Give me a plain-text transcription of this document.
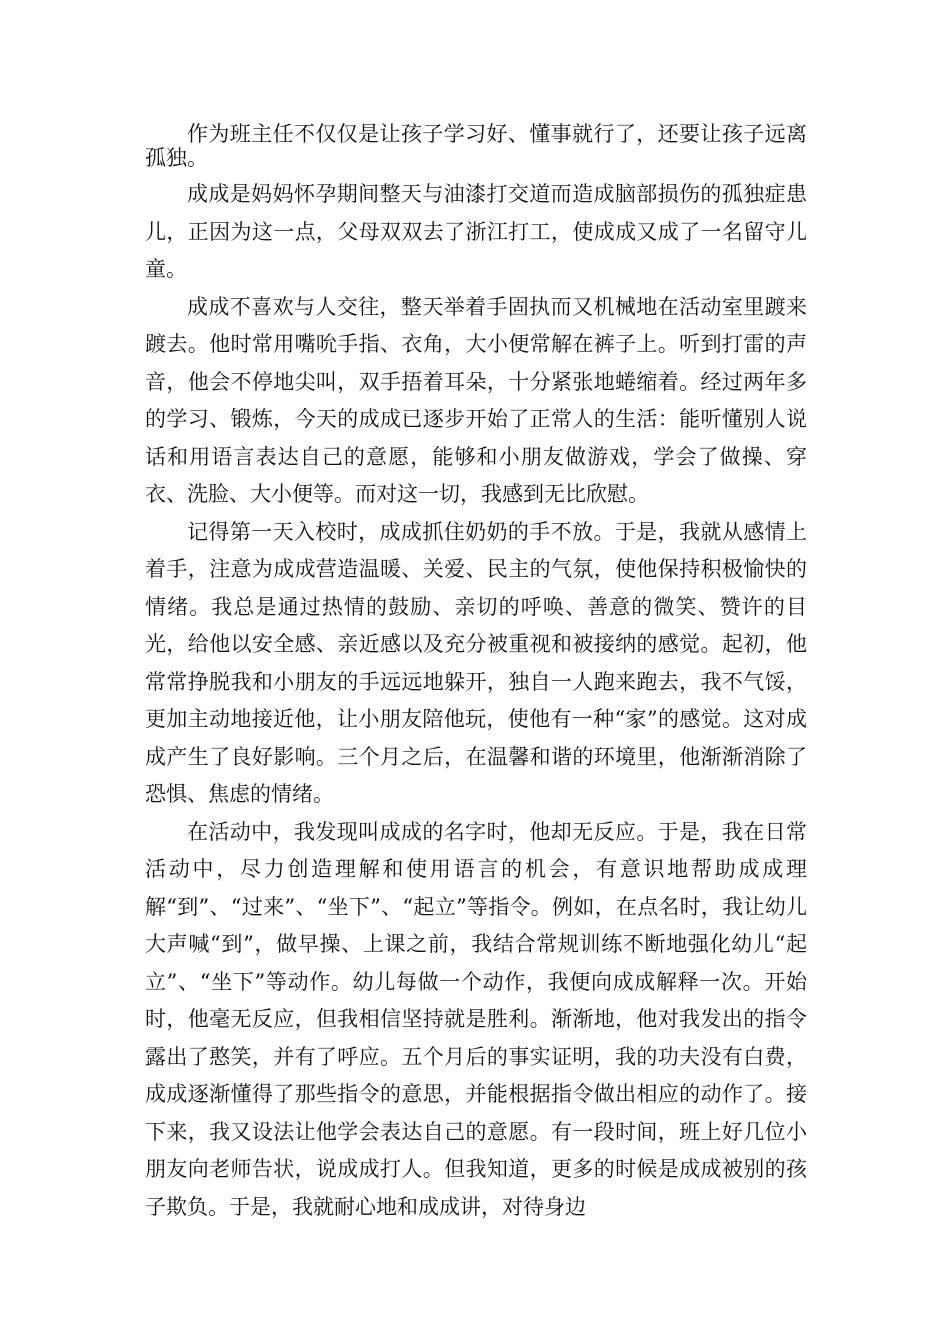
作为班主任不仅仅是让孩子学习好、懂事就行了，还要让孩子远离孤独。

成成是妈妈怀孕期间整天与油漆打交道而造成脑部损伤的孤独症患儿，正因为这一点，父母双双去了浙江打工，使成成又成了一名留守儿童。

成成不喜欢与人交往，整天举着手固执而又机械地在活动室里踱来踱去。他时常用嘴吮手指、衣角，大小便常解在裤子上。听到打雷的声音，他会不停地尖叫，双手捂着耳朵，十分紧张地蜷缩着。经过两年多的学习、锻炼，今天的成成已逐步开始了正常人的生活：能听懂别人说话和用语言表达自己的意愿，能够和小朋友做游戏，学会了做操、穿衣、洗脸、大小便等。而对这一切，我感到无比欣慰。

记得第一天入校时，成成抓住奶奶的手不放。于是，我就从感情上着手，注意为成成营造温暖、关爱、民主的气氛，使他保持积极愉快的情绪。我总是通过热情的鼓励、亲切的呼唤、善意的微笑、赞许的目光，给他以安全感、亲近感以及充分被重视和被接纳的感觉。起初，他常常挣脱我和小朋友的手远远地躲开，独自一人跑来跑去，我不气馁，更加主动地接近他，让小朋友陪他玩，使他有一种“家”的感觉。这对成成产生了良好影响。三个月之后，在温馨和谐的环境里，他渐渐消除了恐惧、焦虑的情绪。

在活动中，我发现叫成成的名字时，他却无反应。于是，我在日常活动中，尽力创造理解和使用语言的机会，有意识地帮助成成理解“到”、“过来”、“坐下”、“起立”等指令。例如，在点名时，我让幼儿大声喊“到”，做早操、上课之前，我结合常规训练不断地强化幼儿“起立”、“坐下”等动作。幼儿每做一个动作，我便向成成解释一次。开始时，他毫无反应，但我相信坚持就是胜利。渐渐地，他对我发出的指令露出了憨笑，并有了呼应。五个月后的事实证明，我的功夫没有白费，成成逐渐懂得了那些指令的意思，并能根据指令做出相应的动作了。接下来，我又设法让他学会表达自己的意愿。有一段时间，班上好几位小朋友向老师告状，说成成打人。但我知道，更多的时候是成成被别的孩子欺负。于是，我就耐心地和成成讲，对待身边
